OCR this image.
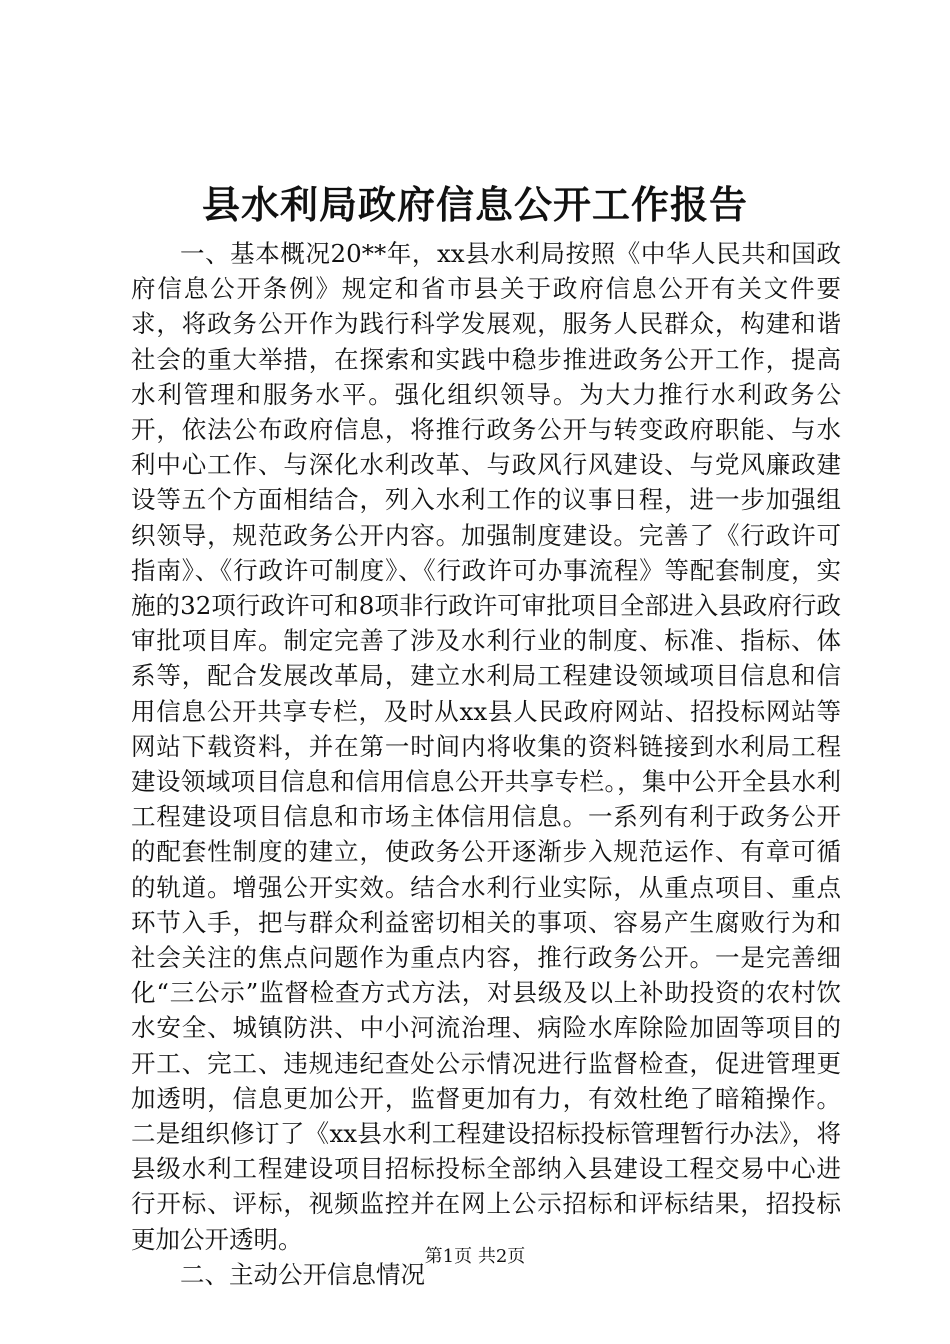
县水利局政府信息公开工作报告

一、基本概况20**年，xx县水利局按照《中华人民共和国政府信息公开条例》规定和省市县关于政府信息公开有关文件要求，将政务公开作为践行科学发展观，服务人民群众，构建和谐社会的重大举措，在探索和实践中稳步推进政务公开工作，提高水利管理和服务水平。强化组织领导。为大力推行水利政务公开，依法公布政府信息，将推行政务公开与转变政府职能、与水利中心工作、与深化水利改革、与政风行风建设、与党风廉政建设等五个方面相结合，列入水利工作的议事日程，进一步加强组织领导，规范政务公开内容。加强制度建设。完善了《行政许可指南》、《行政许可制度》、《行政许可办事流程》等配套制度，实施的32项行政许可和8项非行政许可审批项目全部进入县政府行政审批项目库。制定完善了涉及水利行业的制度、标准、指标、体系等，配合发展改革局，建立水利局工程建设领域项目信息和信用信息公开共享专栏，及时从xx县人民政府网站、招投标网站等网站下载资料，并在第一时间内将收集的资料链接到水利局工程建设领域项目信息和信用信息公开共享专栏。，集中公开全县水利工程建设项目信息和市场主体信用信息。一系列有利于政务公开的配套性制度的建立，使政务公开逐渐步入规范运作、有章可循的轨道。增强公开实效。结合水利行业实际，从重点项目、重点环节入手，把与群众利益密切相关的事项、容易产生腐败行为和社会关注的焦点问题作为重点内容，推行政务公开。一是完善细化“三公示”监督检查方式方法，对县级及以上补助投资的农村饮水安全、城镇防洪、中小河流治理、病险水库除险加固等项目的开工、完工、违规违纪查处公示情况进行监督检查，促进管理更加透明，信息更加公开，监督更加有力，有效杜绝了暗箱操作。二是组织修订了《xx县水利工程建设招标投标管理暂行办法》，将县级水利工程建设项目招标投标全部纳入县建设工程交易中心进行开标、评标，视频监控并在网上公示招标和评标结果，招投标更加公开透明。

二、主动公开信息情况

第1页 共2页
